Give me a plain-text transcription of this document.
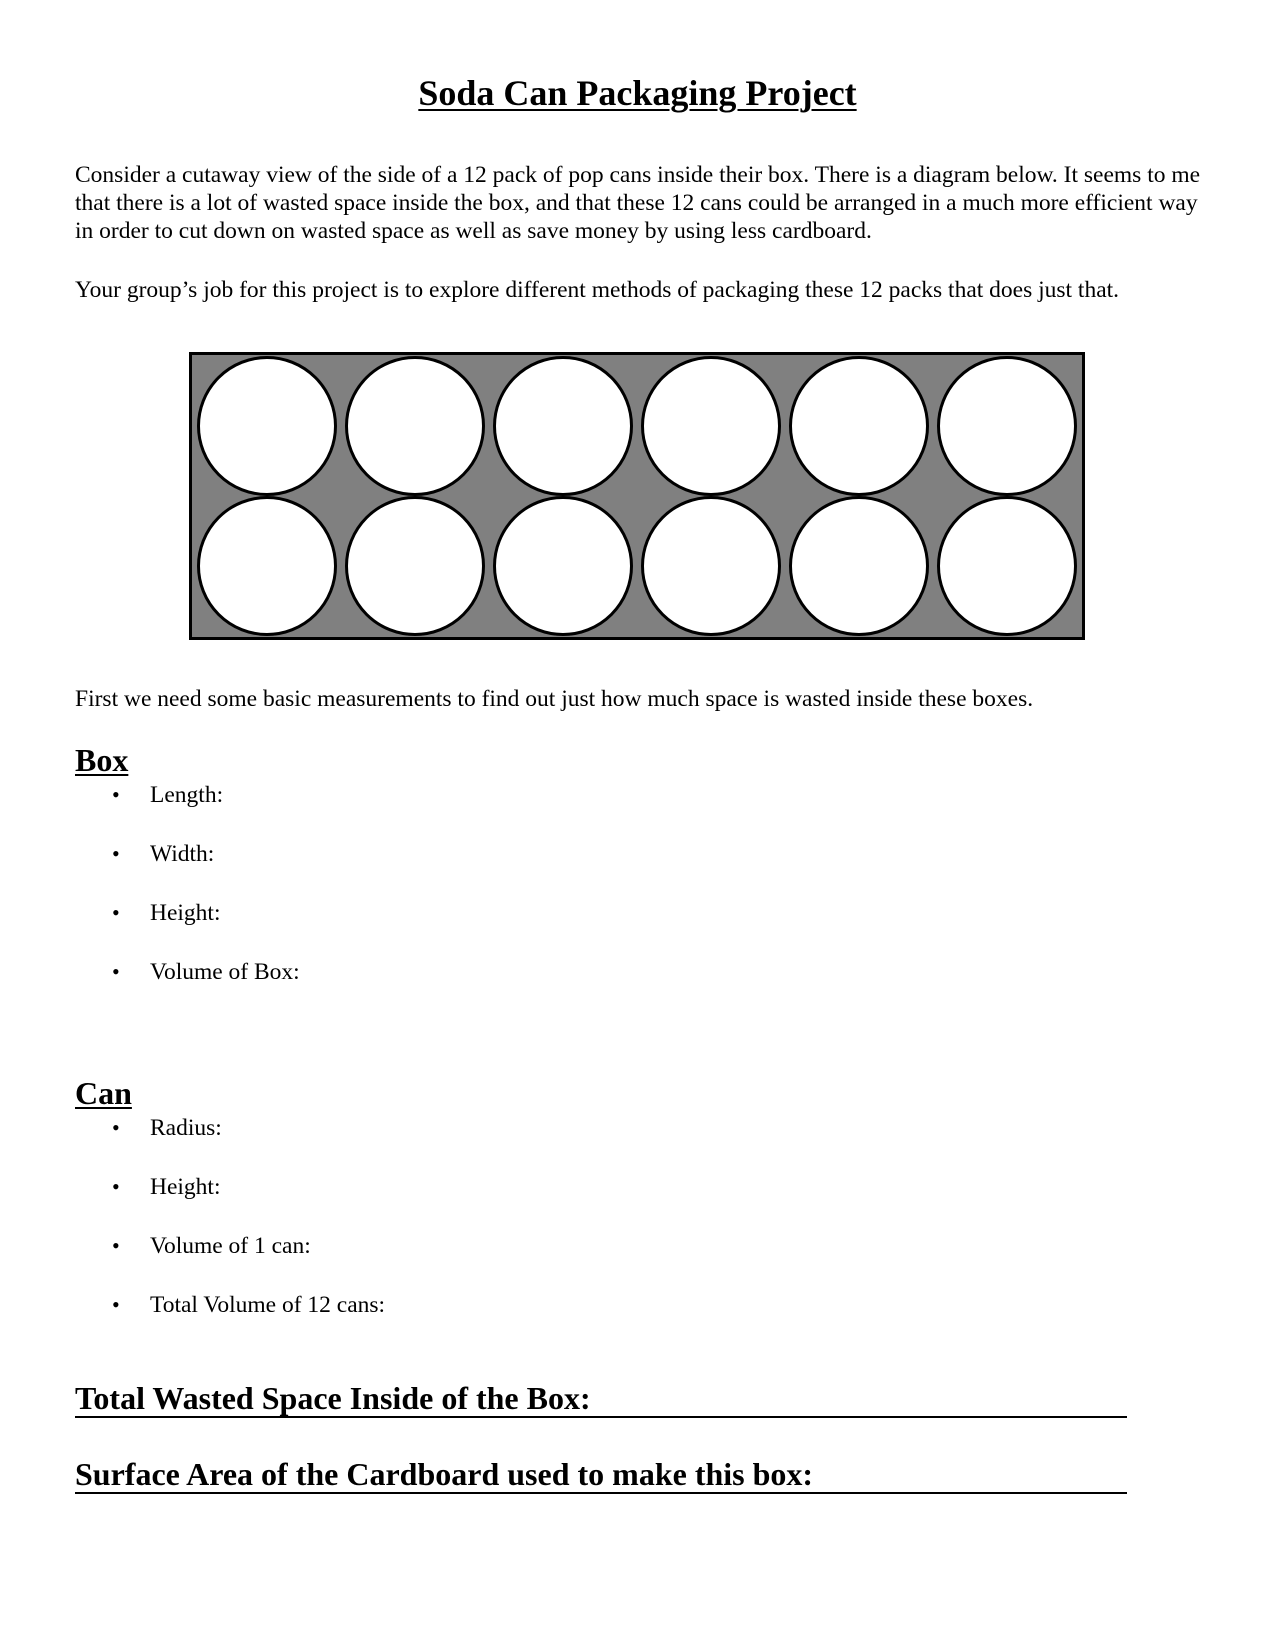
Soda Can Packaging Project

Consider a cutaway view of the side of a 12 pack of pop cans inside their box. There is a diagram below. It seems to me that there is a lot of wasted space inside the box, and that these 12 cans could be arranged in a much more efficient way in order to cut down on wasted space as well as save money by using less cardboard.

Your group’s job for this project is to explore different methods of packaging these 12 packs that does just that.

First we need some basic measurements to find out just how much space is wasted inside these boxes.

Box
• Length:
• Width:
• Height:
• Volume of Box:
Can
• Radius:
• Height:
• Volume of 1 can:
• Total Volume of 12 cans:
Total Wasted Space Inside of the Box:
Surface Area of the Cardboard used to make this box:
